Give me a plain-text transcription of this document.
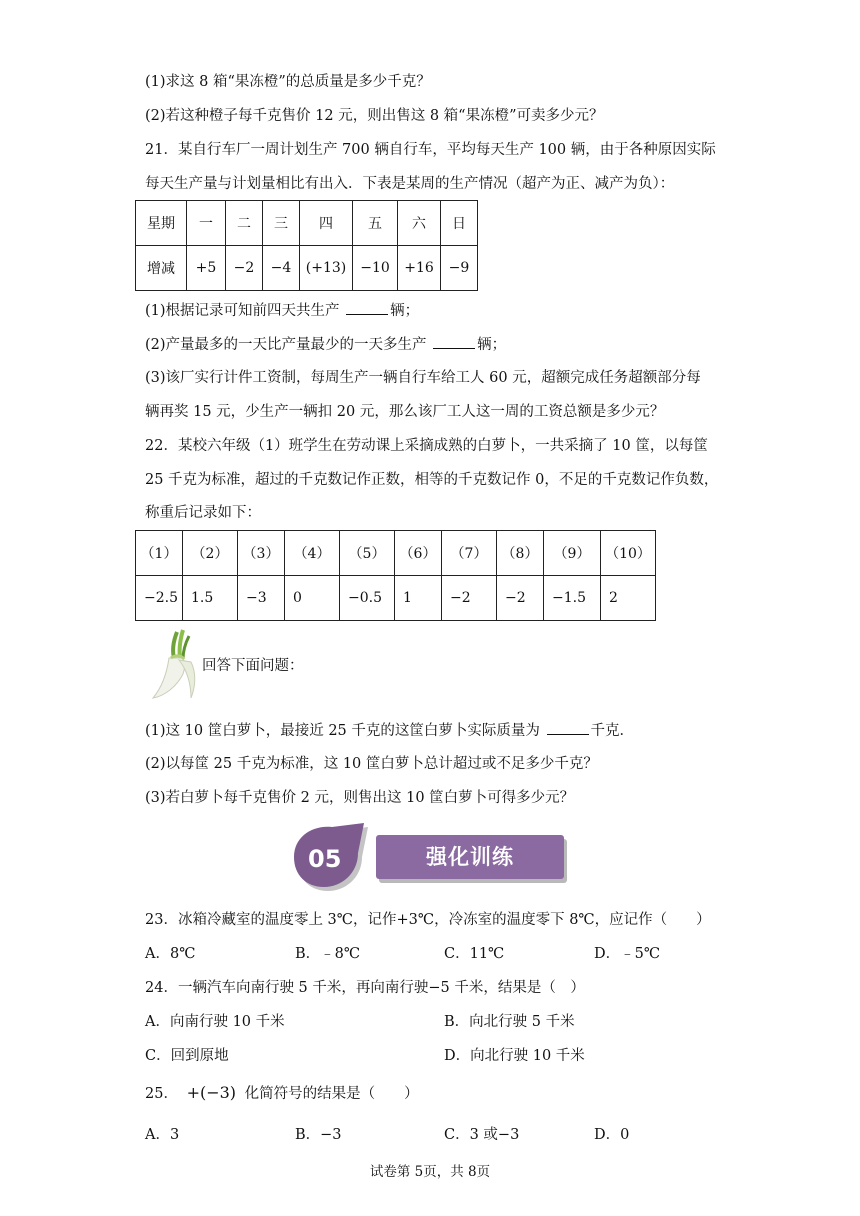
(1)求这 8 箱“果冻橙”的总质量是多少千克？
(2)若这种橙子每千克售价 12 元，则出售这 8 箱“果冻橙”可卖多少元？
21．某自行车厂一周计划生产 700 辆自行车，平均每天生产 100 辆，由于各种原因实际
每天生产量与计划量相比有出入．下表是某周的生产情况（超产为正、减产为负）：
星期	一	二	三	四	五	六	日
增减	+5	−2	−4	(+13)	−10	+16	−9
(1)根据记录可知前四天共生产	辆；
(2)产量最多的一天比产量最少的一天多生产	辆；
(3)该厂实行计件工资制，每周生产一辆自行车给工人 60 元，超额完成任务超额部分每
辆再奖 15 元，少生产一辆扣 20 元，那么该厂工人这一周的工资总额是多少元？
22．某校六年级（1）班学生在劳动课上采摘成熟的白萝卜，一共采摘了 10 筐，以每筐
25 千克为标准，超过的千克数记作正数，相等的千克数记作 0，不足的千克数记作负数，
称重后记录如下：
（1）	（2）	（3）	（4）	（5）	（6）	（7）	（8）	（9）	（10）
−2.5	1.5	−3	0	−0.5	1	−2	−2	−1.5	2
回答下面问题：
(1)这 10 筐白萝卜，最接近 25 千克的这筐白萝卜实际质量为	千克．
(2)以每筐 25 千克为标准，这 10 筐白萝卜总计超过或不足多少千克？
(3)若白萝卜每千克售价 2 元，则售出这 10 筐白萝卜可得多少元？
05	强化训练
23．冰箱冷藏室的温度零上 3℃，记作+3℃，冷冻室的温度零下 8℃，应记作（　　）
A．8℃	B．﹣8℃	C．11℃	D．﹣5℃
24．一辆汽车向南行驶 5 千米，再向南行驶−5 千米，结果是（　）
A．向南行驶 10 千米	B．向北行驶 5 千米
C．回到原地	D．向北行驶 10 千米
25． +(−3) 化简符号的结果是（　　）
A．3	B．−3	C．3 或−3	D．0
试卷第 5页，共 8页
